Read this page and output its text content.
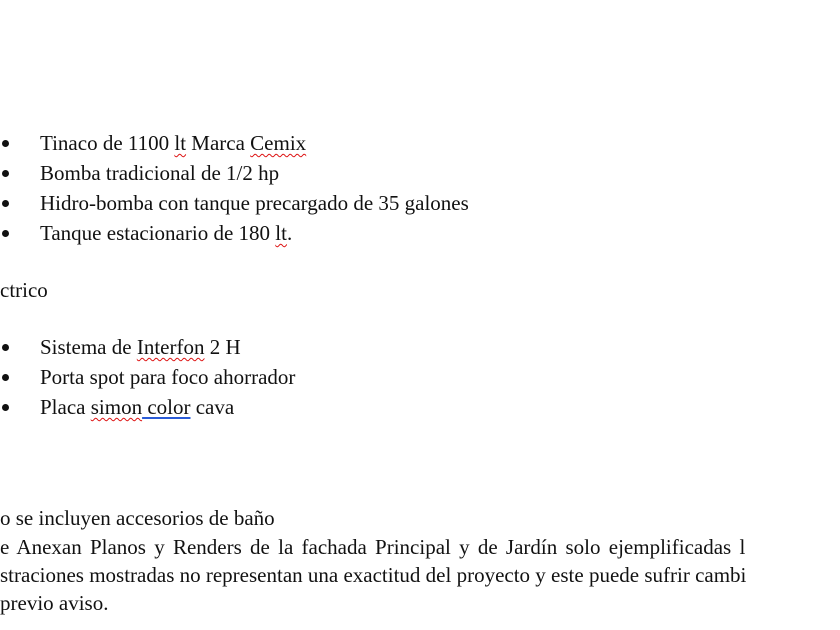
Tinaco de 1100 lt Marca Cemix
Bomba tradicional de 1/2 hp
Hidro-bomba con tanque precargado de 35 galones
Tanque estacionario de 180 lt.
ctrico
Sistema de Interfon 2 H
Porta spot para foco ahorrador
Placa simon color cava
o se incluyen accesorios de baño
e Anexan Planos y Renders de la fachada Principal y de Jardín solo ejemplificadas l
straciones mostradas no representan una exactitud del proyecto y este puede sufrir cambi
previo aviso.
